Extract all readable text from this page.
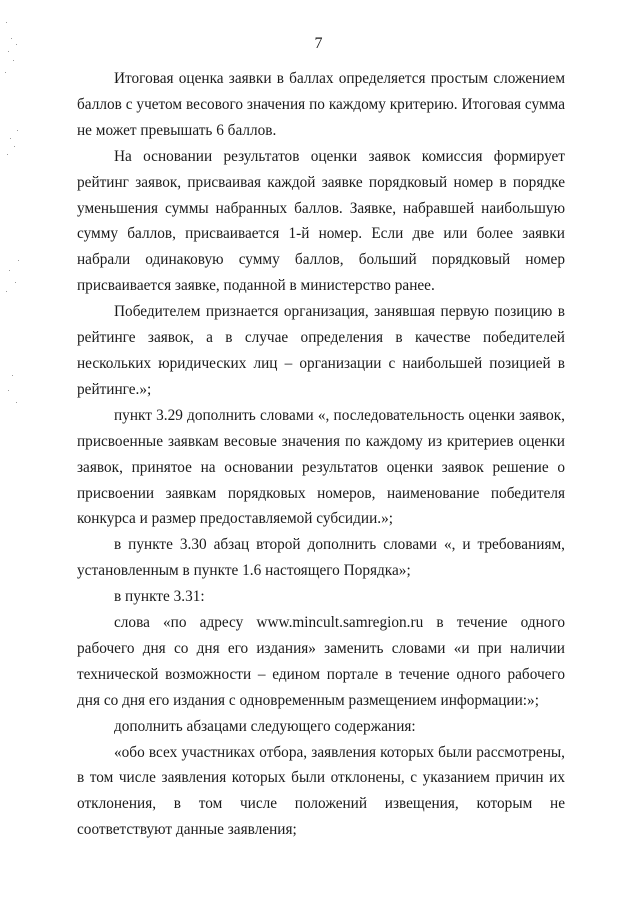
7

Итоговая оценка заявки в баллах определяется простым сложением баллов с учетом весового значения по каждому критерию. Итоговая сумма не может превышать 6 баллов.

На основании результатов оценки заявок комиссия формирует рейтинг заявок, присваивая каждой заявке порядковый номер в порядке уменьшения суммы набранных баллов. Заявке, набравшей наибольшую сумму баллов, присваивается 1-й номер. Если две или более заявки набрали одинаковую сумму баллов, больший порядковый номер присваивается заявке, поданной в министерство ранее.

Победителем признается организация, занявшая первую позицию в рейтинге заявок, а в случае определения в качестве победителей нескольких юридических лиц – организации с наибольшей позицией в рейтинге.»;

пункт 3.29 дополнить словами «, последовательность оценки заявок, присвоенные заявкам весовые значения по каждому из критериев оценки заявок, принятое на основании результатов оценки заявок решение о присвоении заявкам порядковых номеров, наименование победителя конкурса и размер предоставляемой субсидии.»;

в пункте 3.30 абзац второй дополнить словами «, и требованиям, установленным в пункте 1.6 настоящего Порядка»;

в пункте 3.31:

слова «по адресу www.mincult.samregion.ru в течение одного рабочего дня со дня его издания» заменить словами «и при наличии технической возможности – едином портале в течение одного рабочего дня со дня его издания с одновременным размещением информации:»;

дополнить абзацами следующего содержания:

«обо всех участниках отбора, заявления которых были рассмотрены, в том числе заявления которых были отклонены, с указанием причин их отклонения, в том числе положений извещения, которым не соответствуют данные заявления;
